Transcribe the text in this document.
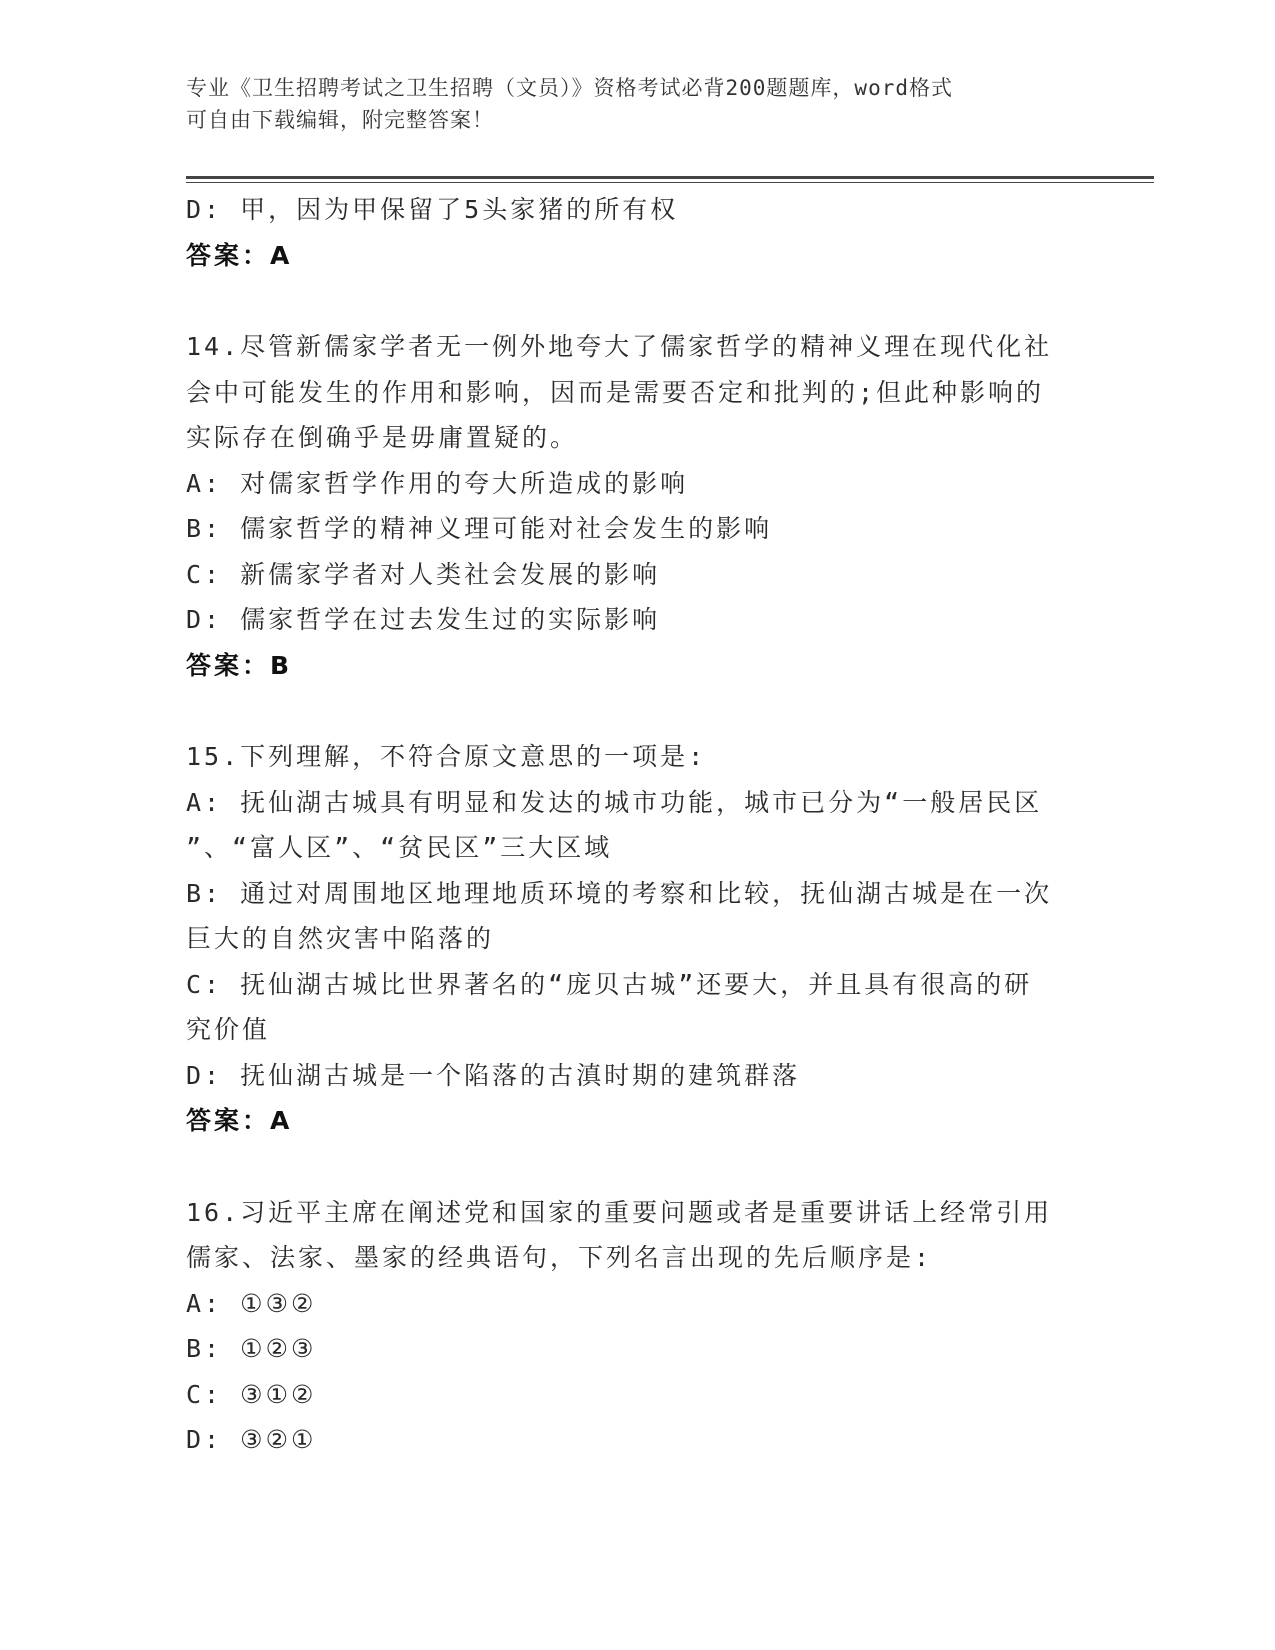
专业《卫生招聘考试之卫生招聘（文员）》资格考试必背200题题库，word格式
可自由下载编辑，附完整答案！
D: 甲，因为甲保留了5头家猪的所有权
答案：A
14.尽管新儒家学者无一例外地夸大了儒家哲学的精神义理在现代化社
会中可能发生的作用和影响，因而是需要否定和批判的;但此种影响的
实际存在倒确乎是毋庸置疑的。
A: 对儒家哲学作用的夸大所造成的影响
B: 儒家哲学的精神义理可能对社会发生的影响
C: 新儒家学者对人类社会发展的影响
D: 儒家哲学在过去发生过的实际影响
答案：B
15.下列理解，不符合原文意思的一项是:
A: 抚仙湖古城具有明显和发达的城市功能，城市已分为“一般居民区
”、“富人区”、“贫民区”三大区域
B: 通过对周围地区地理地质环境的考察和比较，抚仙湖古城是在一次
巨大的自然灾害中陷落的
C: 抚仙湖古城比世界著名的“庞贝古城”还要大，并且具有很高的研
究价值
D: 抚仙湖古城是一个陷落的古滇时期的建筑群落
答案：A
16.习近平主席在阐述党和国家的重要问题或者是重要讲话上经常引用
儒家、法家、墨家的经典语句，下列名言出现的先后顺序是:
A: ①③②
B: ①②③
C: ③①②
D: ③②①
